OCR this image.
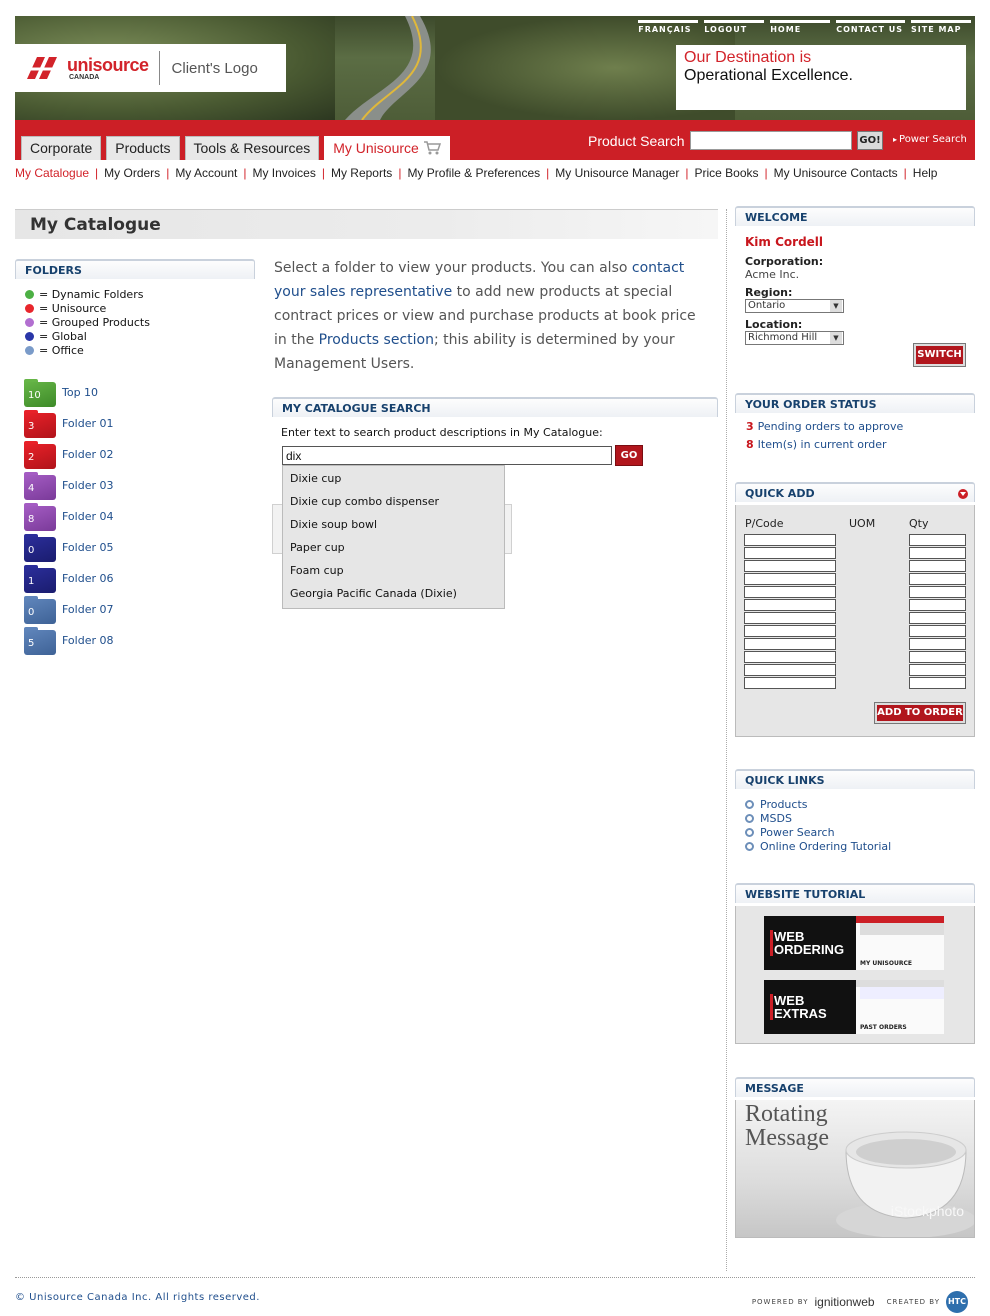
FRANÇAIS	LOGOUT	HOME	CONTACT US SITE MAP
unisource
CANADA
Client's Logo
Our Destination is
Operational Excellence.
Corporate	Products	Tools & Resources	My Unisource	Product Search	GO!
▸	Power Search
My Catalogue | My Orders | My Account | My Invoices | My Reports | My Profile & Preferences | My Unisource Manager | Price Books | My Unisource Contacts | Help
My Catalogue
FOLDERS
= Dynamic Folders
= Unisource
= Grouped Products
= Global
= Office
10	Top 10
3	Folder 01
2	Folder 02
4	Folder 03
8	Folder 04
0	Folder 05
1	Folder 06
0	Folder 07
5	Folder 08
Select a folder to view your products. You can also contact your sales representative to add new products at special contract prices or view and purchase products at book price in the Products section; this ability is determined by your Management Users.
MY CATALOGUE SEARCH
Enter text to search product descriptions in My Catalogue:
dix
GO
Dixie cup
Dixie cup combo dispenser
Dixie soup bowl
Paper cup
Foam cup
Georgia Pacific Canada (Dixie)
WELCOME
Kim Cordell
Corporation:
Acme Inc.
Region:
Ontario ▼
Location:
Richmond Hill ▼
SWITCH
YOUR ORDER STATUS
3 Pending orders to approve
8 Item(s) in current order
QUICK ADD
P/Code	UOM	Qty
ADD TO ORDER
QUICK LINKS
Products
MSDS
Power Search
Online Ordering Tutorial
WEBSITE TUTORIAL
WEB
ORDERING
MY UNISOURCE
WEB
EXTRAS
PAST ORDERS
MESSAGE
Rotating
Message
iStockphoto
© Unisource Canada Inc. All rights reserved.	POWERED BY ignitionweb CREATED BY HTC
